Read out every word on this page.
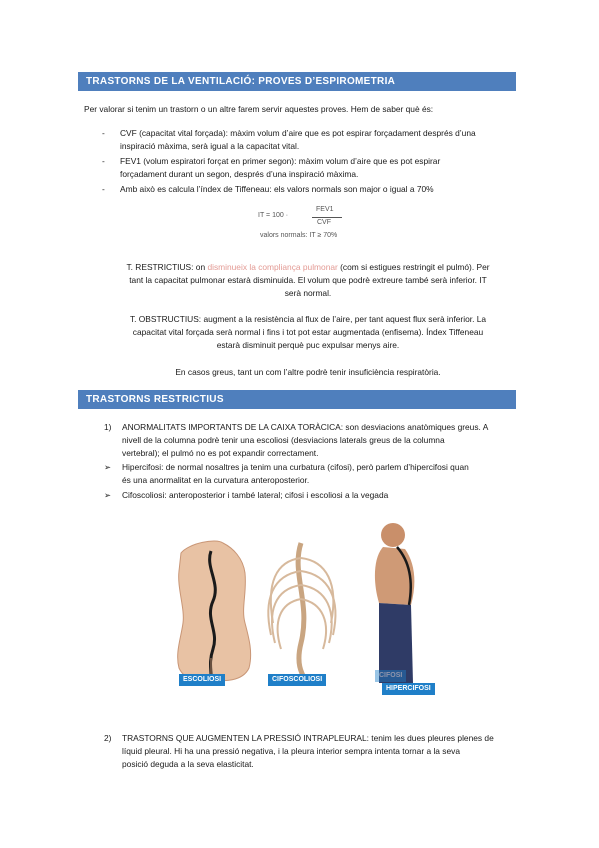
TRASTORNS DE LA VENTILACIÓ: PROVES D’ESPIROMETRIA
Per valorar si tenim un trastorn o un altre farem servir aquestes proves. Hem de saber què és:
- CVF (capacitat vital forçada): màxim volum d’aire que es pot espirar forçadament després d’una
inspiració màxima, serà igual a la capacitat vital.
- FEV1 (volum espiratori forçat en primer segon): màxim volum d’aire que es pot espirar
forçadament durant un segon, després d’una inspiració màxima.
- Amb això es calcula l’índex de Tiffeneau: els valors normals son major o igual a 70%
IT = 100 ·
FEV1
CVF
valors normals: IT ≥ 70%
T. RESTRICTIUS: on disminueix la compliança pulmonar (com si estigues restringit el pulmó). Per
tant la capacitat pulmonar estarà disminuida. El volum que podrè extreure també serà inferior. IT
serà normal.
T. OBSTRUCTIUS: augment a la resistència al flux de l’aire, per tant aquest flux serà inferior. La
capacitat vital forçada serà normal i fins i tot pot estar augmentada (enfisema). Índex Tiffeneau
estarà disminuit perquè puc expulsar menys aire.
En casos greus, tant un com l’altre podrè tenir insuficiència respiratòria.
TRASTORNS RESTRICTIUS
1) ANORMALITATS IMPORTANTS DE LA CAIXA TORÀCICA: son desviacions anatòmiques greus. A
nivell de la columna podrè tenir una escoliosi (desviacions laterals greus de la columna
vertebral); el pulmó no es pot expandir correctament.
➢ Hipercifosi: de normal nosaltres ja tenim una curbatura (cifosi), però parlem d’hipercifosi quan
és una anormalitat en la curvatura anteroposterior.
➢ Cifoscoliosi: anteroposterior i també lateral; cifosi i escoliosi a la vegada
ESCOLIOSI	CIFOSCOLIOSI
CIFOSI
HIPERCIFOSI
2) TRASTORNS QUE AUGMENTEN LA PRESSIÓ INTRAPLEURAL: tenim les dues pleures plenes de
líquid pleural. Hi ha una pressió negativa, i la pleura interior sempra intenta tornar a la seva
posició deguda a la seva elasticitat.
